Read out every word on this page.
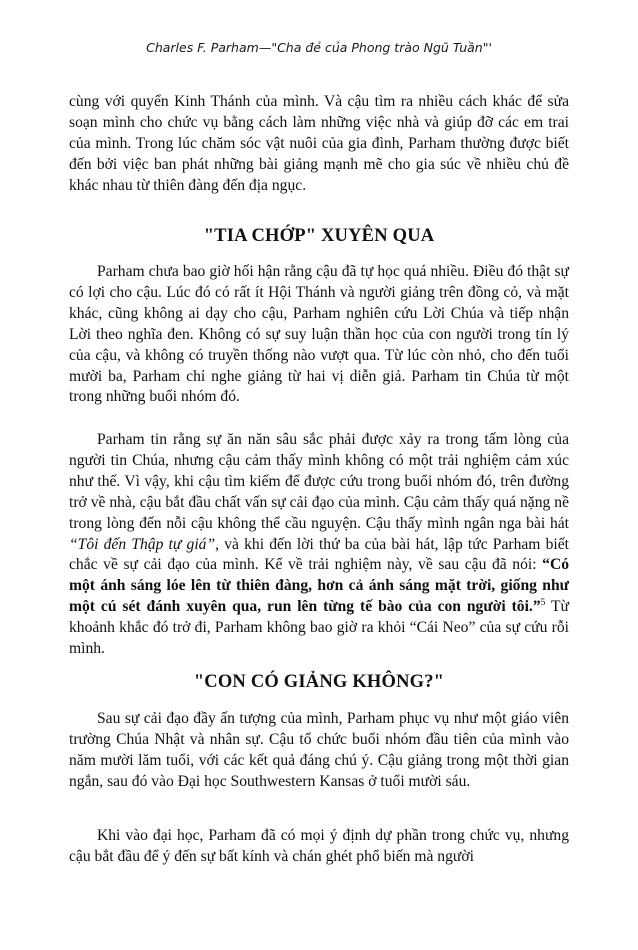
Charles F. Parham—"Cha đẻ của Phong trào Ngũ Tuần"'

cùng với quyển Kinh Thánh của mình. Và cậu tìm ra nhiều cách khác để sửa soạn mình cho chức vụ bằng cách làm những việc nhà và giúp đỡ các em trai của mình. Trong lúc chăm sóc vật nuôi của gia đình, Parham thường được biết đến bởi việc ban phát những bài giảng mạnh mẽ cho gia súc về nhiều chủ đề khác nhau từ thiên đàng đến địa ngục.

"TIA CHỚP" XUYÊN QUA

Parham chưa bao giờ hối hận rằng cậu đã tự học quá nhiều. Điều đó thật sự có lợi cho cậu. Lúc đó có rất ít Hội Thánh và người giảng trên đồng cỏ, và mặt khác, cũng không ai dạy cho cậu, Parham nghiên cứu Lời Chúa và tiếp nhận Lời theo nghĩa đen. Không có sự suy luận thần học của con người trong tín lý của cậu, và không có truyền thống nào vượt qua. Từ lúc còn nhỏ, cho đến tuổi mười ba, Parham chỉ nghe giảng từ hai vị diễn giả. Parham tin Chúa từ một trong những buổi nhóm đó.

Parham tin rằng sự ăn năn sâu sắc phải được xảy ra trong tấm lòng của người tin Chúa, nhưng cậu cảm thấy mình không có một trải nghiệm cảm xúc như thế. Vì vậy, khi cậu tìm kiếm để được cứu trong buổi nhóm đó, trên đường trở về nhà, cậu bắt đầu chất vấn sự cải đạo của mình. Cậu cảm thấy quá nặng nề trong lòng đến nỗi cậu không thể cầu nguyện. Cậu thấy mình ngân nga bài hát “Tôi đến Thập tự giá”, và khi đến lời thứ ba của bài hát, lập tức Parham biết chắc về sự cải đạo của mình. Kể về trải nghiệm này, về sau cậu đã nói: “Có một ánh sáng lóe lên từ thiên đàng, hơn cả ánh sáng mặt trời, giống như một cú sét đánh xuyên qua, run lên từng tế bào của con người tôi.”$^5$ Từ khoảnh khắc đó trở đi, Parham không bao giờ ra khỏi “Cái Neo” của sự cứu rỗi mình.

"CON CÓ GIẢNG KHÔNG?"

Sau sự cải đạo đầy ấn tượng của mình, Parham phục vụ như một giáo viên trường Chúa Nhật và nhân sự. Cậu tổ chức buổi nhóm đầu tiên của mình vào năm mười lăm tuổi, với các kết quả đáng chú ý. Cậu giảng trong một thời gian ngắn, sau đó vào Đại học Southwestern Kansas ở tuổi mười sáu.

Khi vào đại học, Parham đã có mọi ý định dự phần trong chức vụ, nhưng cậu bắt đầu để ý đến sự bất kính và chán ghét phổ biến mà người
